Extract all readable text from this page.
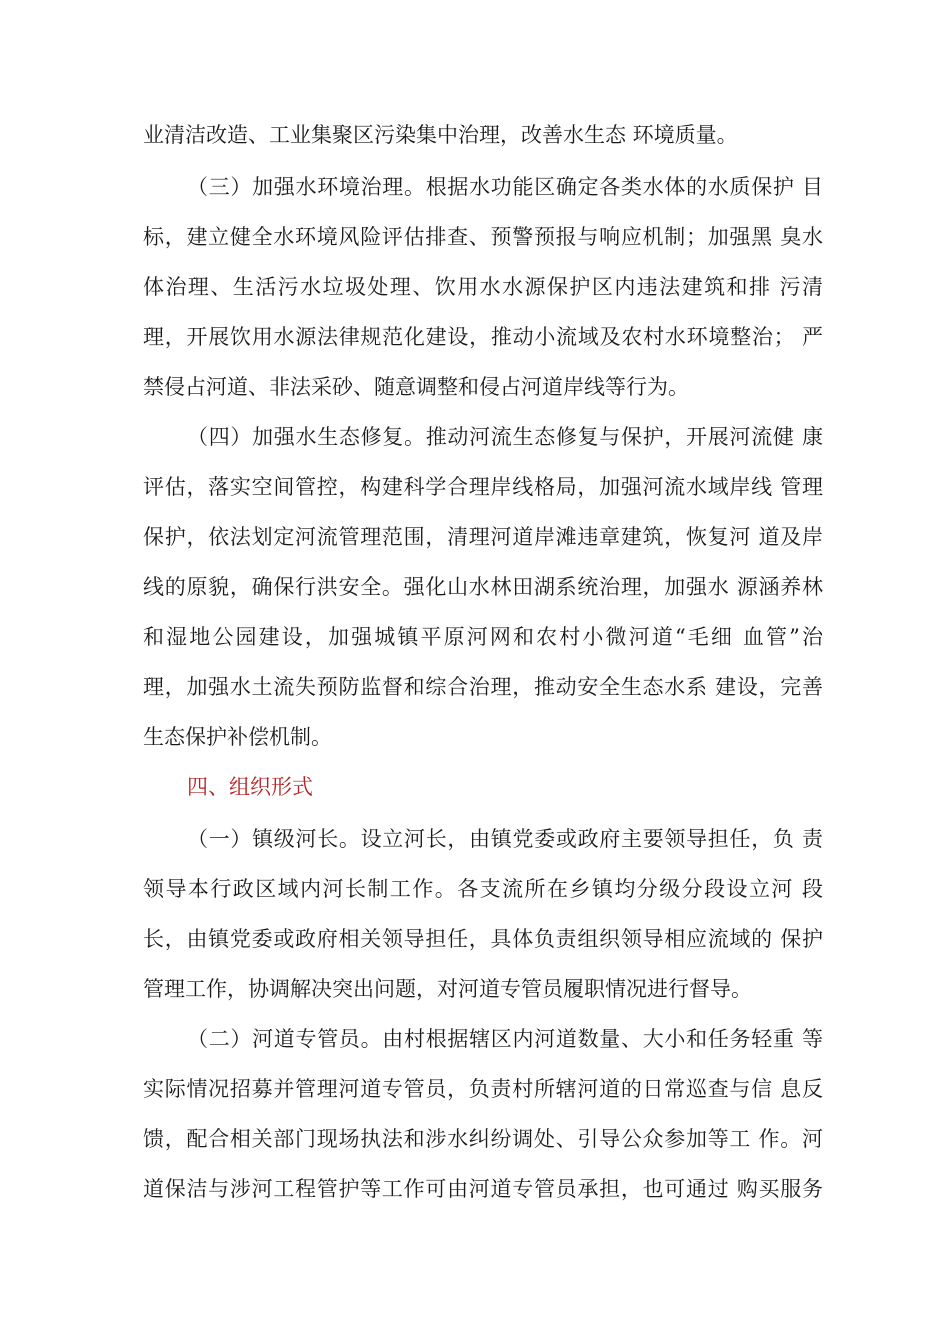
业清洁改造、工业集聚区污染集中治理，改善水生态 环境质量。
（三）加强水环境治理。根据水功能区确定各类水体的水质保护 目
标，建立健全水环境风险评估排查、预警预报与响应机制；加强黑 臭水
体治理、生活污水垃圾处理、饮用水水源保护区内违法建筑和排 污清
理，开展饮用水源法律规范化建设，推动小流域及农村水环境整治； 严
禁侵占河道、非法采砂、随意调整和侵占河道岸线等行为。
（四）加强水生态修复。推动河流生态修复与保护，开展河流健 康
评估，落实空间管控，构建科学合理岸线格局，加强河流水域岸线 管理
保护，依法划定河流管理范围，清理河道岸滩违章建筑，恢复河 道及岸
线的原貌，确保行洪安全。强化山水林田湖系统治理，加强水 源涵养林
和湿地公园建设，加强城镇平原河网和农村小微河道“毛细 血管”治
理，加强水土流失预防监督和综合治理，推动安全生态水系 建设，完善
生态保护补偿机制。
四、组织形式
（一）镇级河长。设立河长，由镇党委或政府主要领导担任，负 责
领导本行政区域内河长制工作。各支流所在乡镇均分级分段设立河 段
长，由镇党委或政府相关领导担任，具体负责组织领导相应流域的 保护
管理工作，协调解决突出问题，对河道专管员履职情况进行督导。
（二）河道专管员。由村根据辖区内河道数量、大小和任务轻重 等
实际情况招募并管理河道专管员，负责村所辖河道的日常巡查与信 息反
馈，配合相关部门现场执法和涉水纠纷调处、引导公众参加等工 作。河
道保洁与涉河工程管护等工作可由河道专管员承担，也可通过 购买服务
